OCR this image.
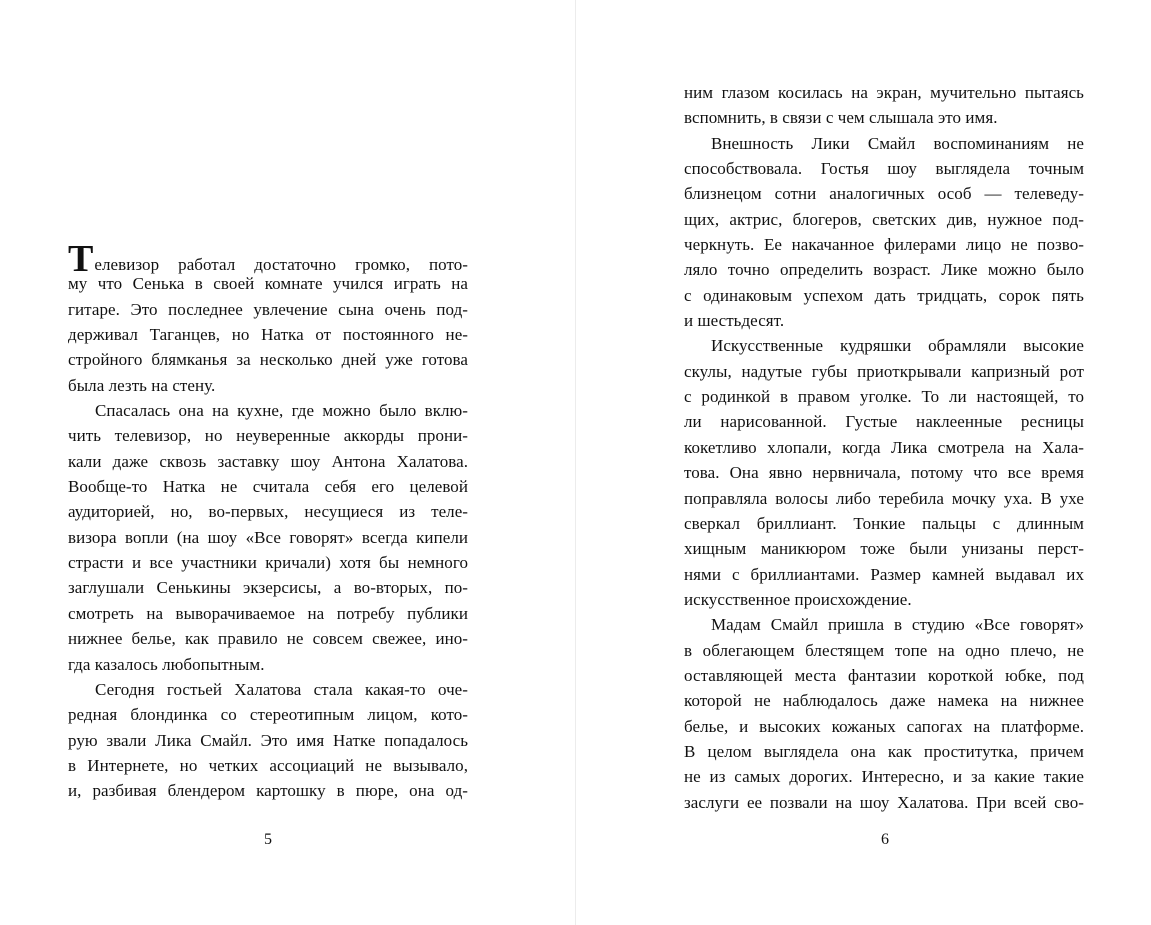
Телевизор работал достаточно громко, пото-
му что Сенька в своей комнате учился играть на
гитаре. Это последнее увлечение сына очень под-
держивал Таганцев, но Натка от постоянного не-
стройного блямканья за несколько дней уже готова
была лезть на стену.
Спасалась она на кухне, где можно было вклю-
чить телевизор, но неуверенные аккорды прони-
кали даже сквозь заставку шоу Антона Халатова.
Вообще-то Натка не считала себя его целевой
аудиторией, но, во-первых, несущиеся из теле-
визора вопли (на шоу «Все говорят» всегда кипели
страсти и все участники кричали) хотя бы немного
заглушали Сенькины экзерсисы, а во-вторых, по-
смотреть на выворачиваемое на потребу публики
нижнее белье, как правило не совсем свежее, ино-
гда казалось любопытным.
Сегодня гостьей Халатова стала какая-то оче-
редная блондинка со стереотипным лицом, кото-
рую звали Лика Смайл. Это имя Натке попадалось
в Интернете, но четких ассоциаций не вызывало,
и, разбивая блендером картошку в пюре, она од-
5
ним глазом косилась на экран, мучительно пытаясь
вспомнить, в связи с чем слышала это имя.
Внешность Лики Смайл воспоминаниям не
способствовала. Гостья шоу выглядела точным
близнецом сотни аналогичных особ — телеведу-
щих, актрис, блогеров, светских див, нужное под-
черкнуть. Ее накачанное филерами лицо не позво-
ляло точно определить возраст. Лике можно было
с одинаковым успехом дать тридцать, сорок пять
и шестьдесят.
Искусственные кудряшки обрамляли высокие
скулы, надутые губы приоткрывали капризный рот
с родинкой в правом уголке. То ли настоящей, то
ли нарисованной. Густые наклеенные ресницы
кокетливо хлопали, когда Лика смотрела на Хала-
това. Она явно нервничала, потому что все время
поправляла волосы либо теребила мочку уха. В ухе
сверкал бриллиант. Тонкие пальцы с длинным
хищным маникюром тоже были унизаны перст-
нями с бриллиантами. Размер камней выдавал их
искусственное происхождение.
Мадам Смайл пришла в студию «Все говорят»
в облегающем блестящем топе на одно плечо, не
оставляющей места фантазии короткой юбке, под
которой не наблюдалось даже намека на нижнее
белье, и высоких кожаных сапогах на платформе.
В целом выглядела она как проститутка, причем
не из самых дорогих. Интересно, и за какие такие
заслуги ее позвали на шоу Халатова. При всей сво-
6
